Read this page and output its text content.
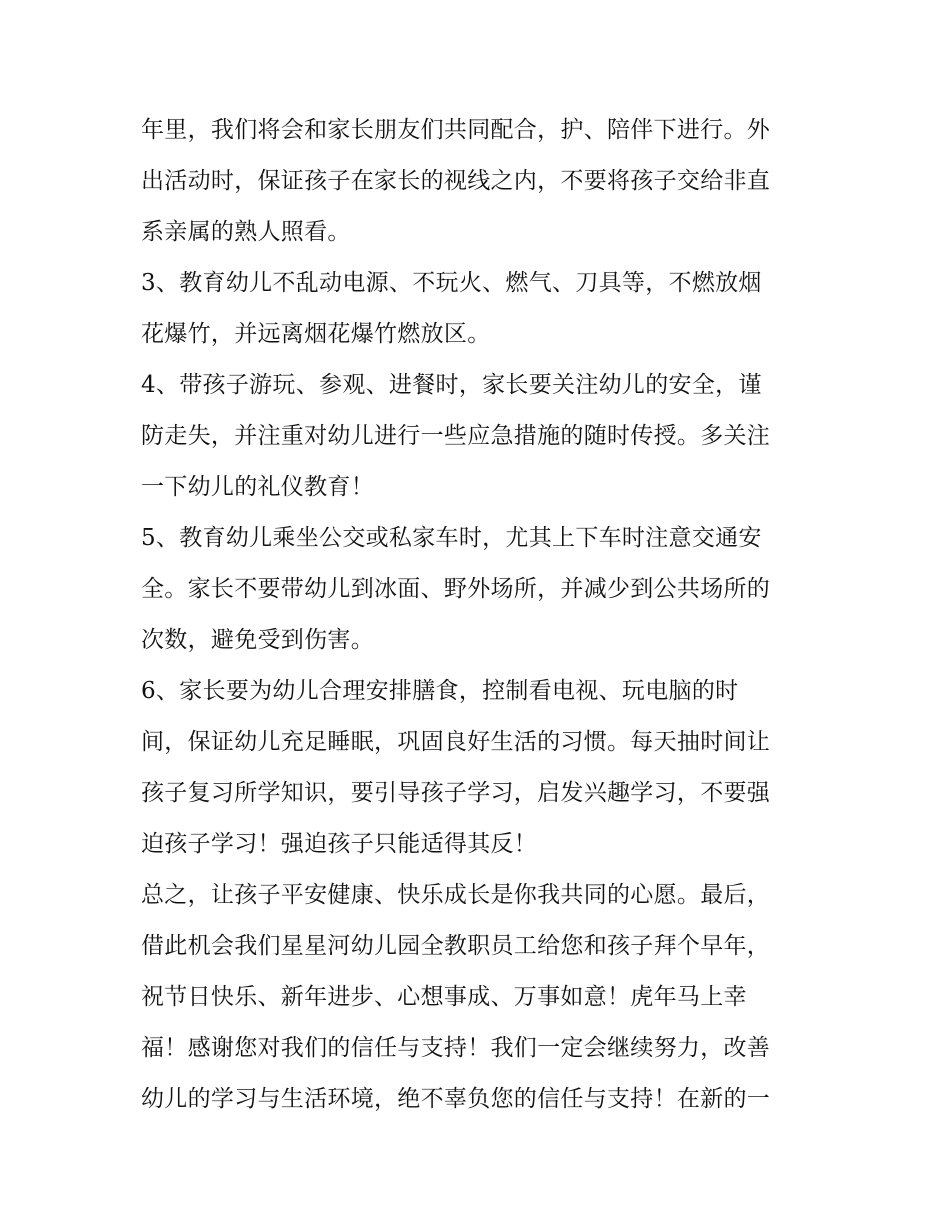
年里，我们将会和家长朋友们共同配合，护、陪伴下进行。外
出活动时，保证孩子在家长的视线之内，不要将孩子交给非直
系亲属的熟人照看。
3、教育幼儿不乱动电源、不玩火、燃气、刀具等，不燃放烟
花爆竹，并远离烟花爆竹燃放区。
4、带孩子游玩、参观、进餐时，家长要关注幼儿的安全，谨
防走失，并注重对幼儿进行一些应急措施的随时传授。多关注
一下幼儿的礼仪教育！
5、教育幼儿乘坐公交或私家车时，尤其上下车时注意交通安
全。家长不要带幼儿到冰面、野外场所，并减少到公共场所的
次数，避免受到伤害。
6、家长要为幼儿合理安排膳食，控制看电视、玩电脑的时
间，保证幼儿充足睡眠，巩固良好生活的习惯。每天抽时间让
孩子复习所学知识，要引导孩子学习，启发兴趣学习，不要强
迫孩子学习！强迫孩子只能适得其反！
总之，让孩子平安健康、快乐成长是你我共同的心愿。最后，
借此机会我们星星河幼儿园全教职员工给您和孩子拜个早年，
祝节日快乐、新年进步、心想事成、万事如意！虎年马上幸
福！感谢您对我们的信任与支持！我们一定会继续努力，改善
幼儿的学习与生活环境，绝不辜负您的信任与支持！在新的一
